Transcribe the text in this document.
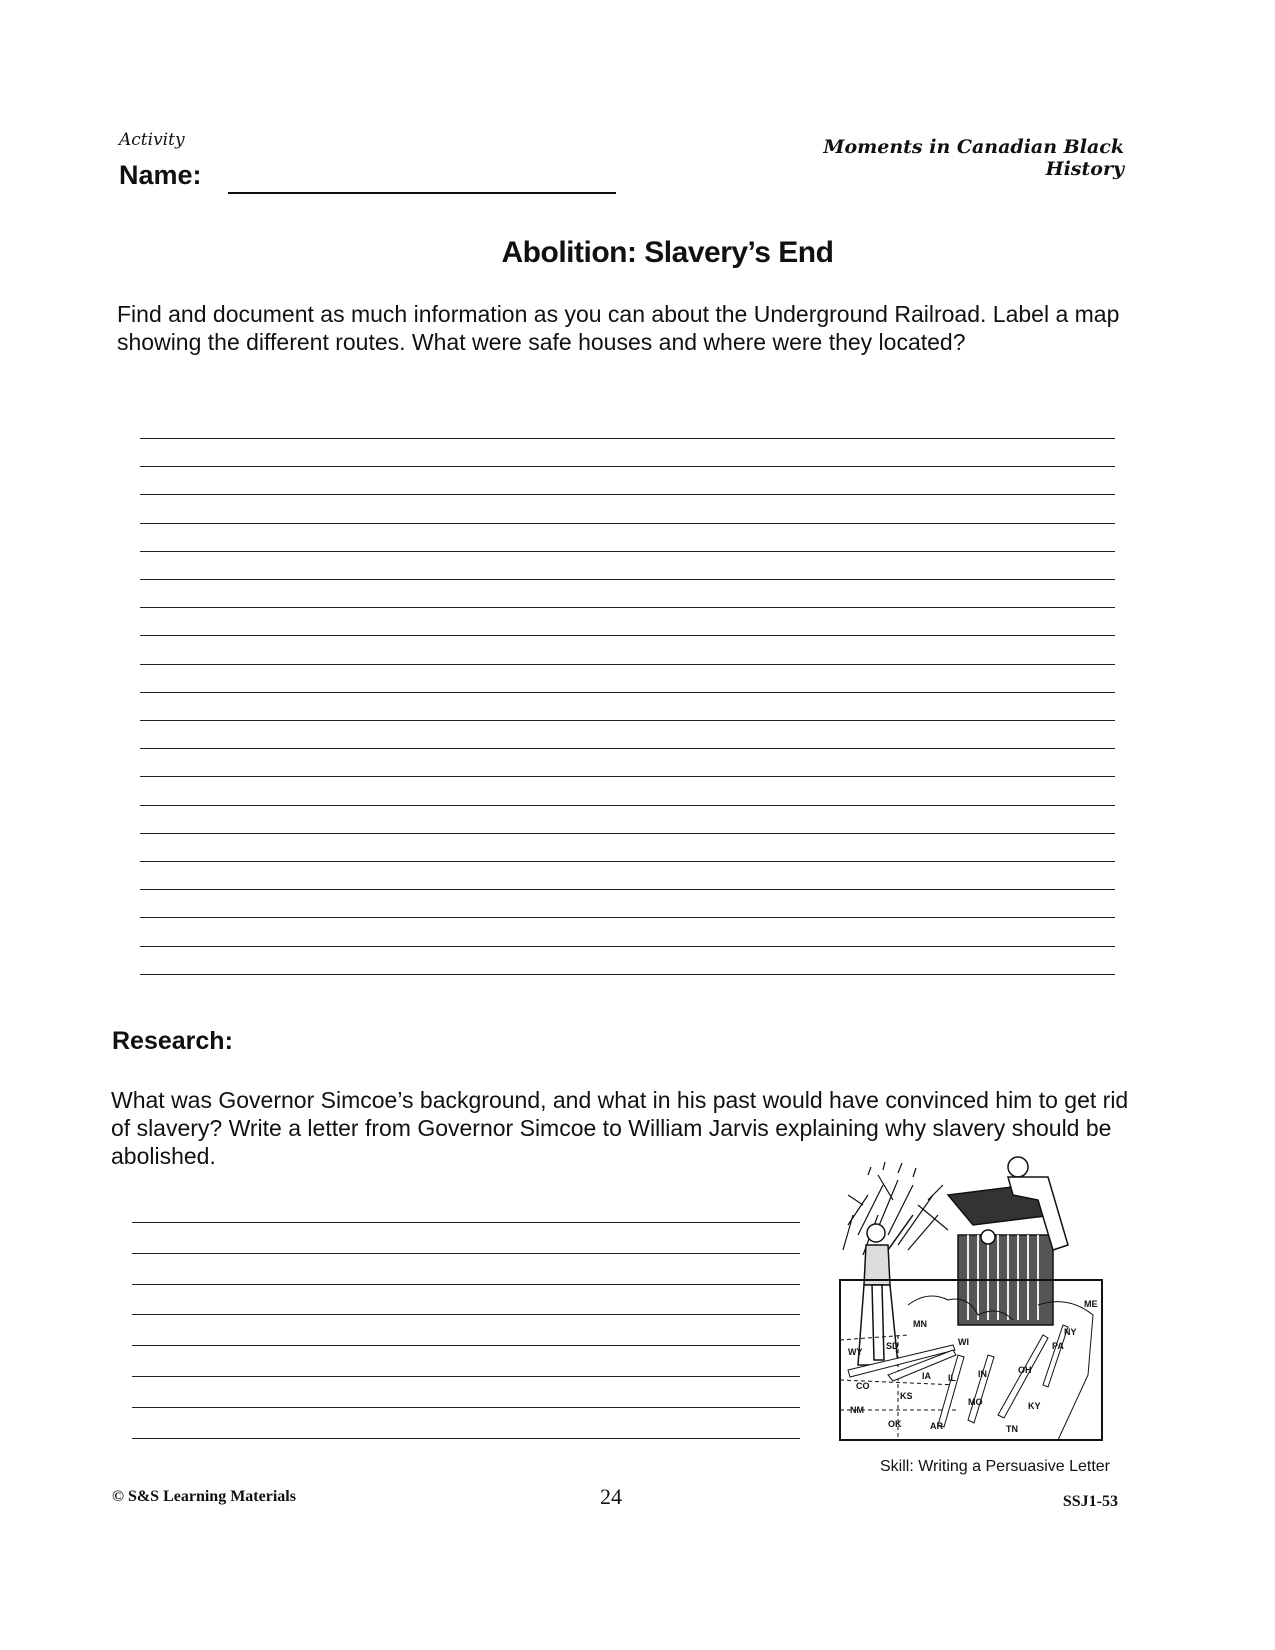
Activity	Moments in Canadian Black History
Name:
Abolition: Slavery’s End
Find and document as much information as you can about the Underground Railroad. Label a map showing the different routes. What were safe houses and where were they located?
Research:
What was Governor Simcoe’s background, and what in his past would have convinced him to get rid of slavery? Write a letter from Governor Simcoe to William Jarvis explaining why slavery should be abolished.
MN
WY
SD	WI
NY
ME
PA
IA IL IN	OH
CO
KS
MO	KY
NM
OK	AR	TN
Skill: Writing a Persuasive Letter
© S&S Learning Materials	24	SSJ1-53
